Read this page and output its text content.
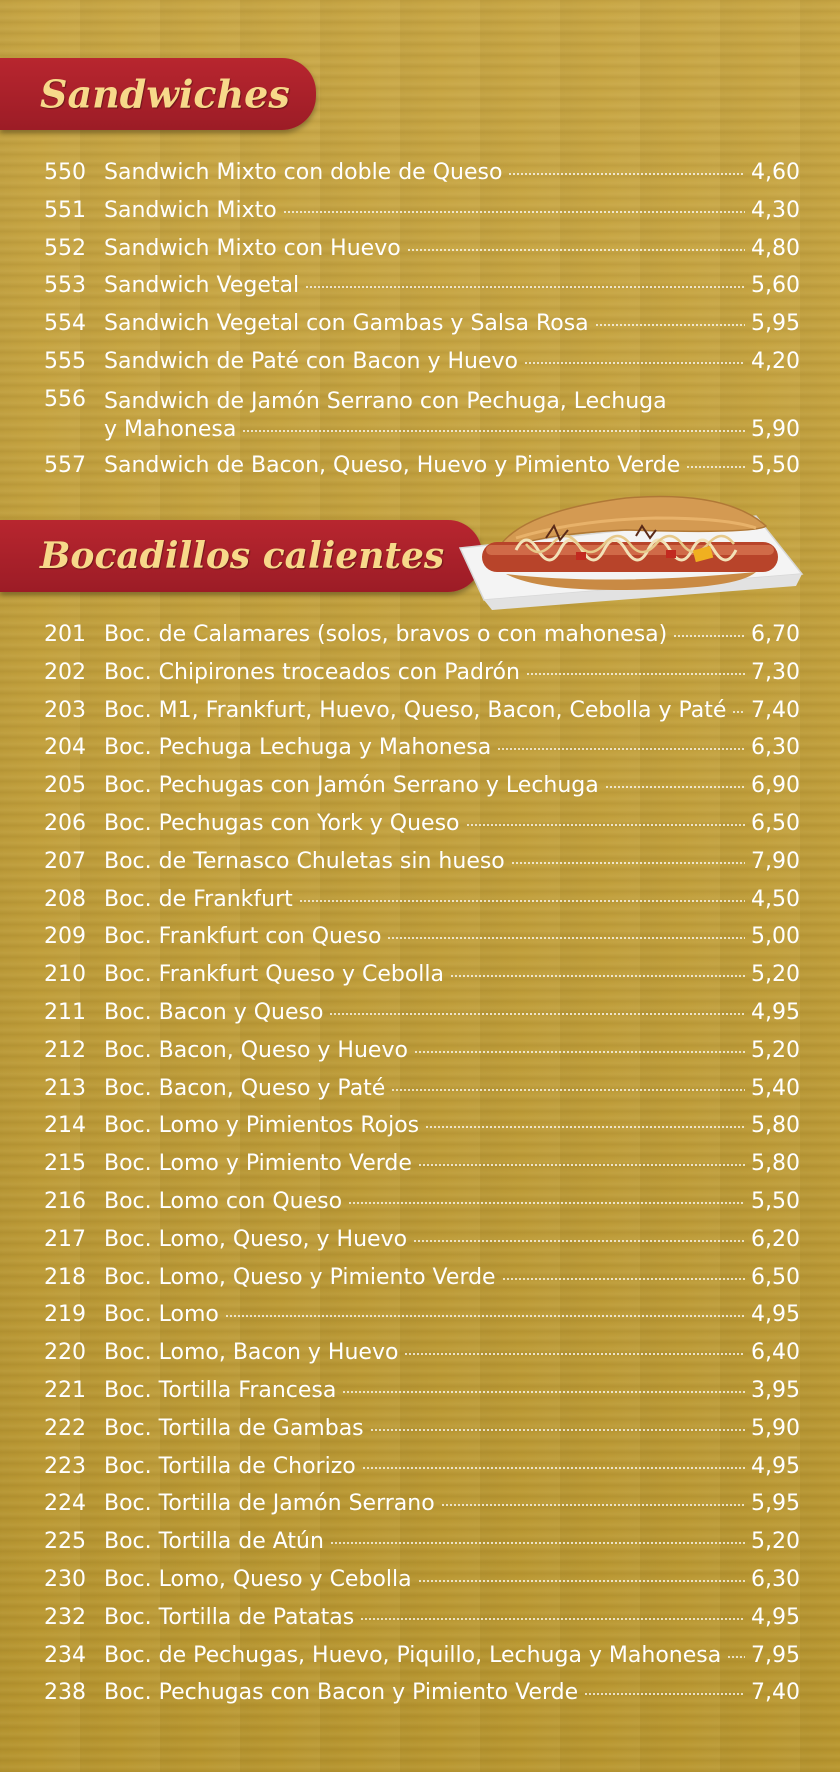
Sandwiches
550 Sandwich Mixto con doble de Queso	4,60
551 Sandwich Mixto	4,30
552 Sandwich Mixto con Huevo	4,80
553 Sandwich Vegetal	5,60
554 Sandwich Vegetal con Gambas y Salsa Rosa	5,95
555 Sandwich de Paté con Bacon y Huevo	4,20
556 Sandwich de Jamón Serrano con Pechuga, Lechuga
y Mahonesa	5,90
557 Sandwich de Bacon, Queso, Huevo y Pimiento Verde	5,50
Bocadillos calientes
201 Boc. de Calamares (solos, bravos o con mahonesa)	6,70
202 Boc. Chipirones troceados con Padrón	7,30
203 Boc. M1, Frankfurt, Huevo, Queso, Bacon, Cebolla y Paté 7,40
204 Boc. Pechuga Lechuga y Mahonesa	6,30
205 Boc. Pechugas con Jamón Serrano y Lechuga	6,90
206 Boc. Pechugas con York y Queso	6,50
207 Boc. de Ternasco Chuletas sin hueso	7,90
208 Boc. de Frankfurt	4,50
209 Boc. Frankfurt con Queso	5,00
210 Boc. Frankfurt Queso y Cebolla	5,20
211 Boc. Bacon y Queso	4,95
212 Boc. Bacon, Queso y Huevo	5,20
213 Boc. Bacon, Queso y Paté	5,40
214 Boc. Lomo y Pimientos Rojos	5,80
215 Boc. Lomo y Pimiento Verde	5,80
216 Boc. Lomo con Queso	5,50
217 Boc. Lomo, Queso, y Huevo	6,20
218 Boc. Lomo, Queso y Pimiento Verde	6,50
219 Boc. Lomo	4,95
220 Boc. Lomo, Bacon y Huevo	6,40
221 Boc. Tortilla Francesa	3,95
222 Boc. Tortilla de Gambas	5,90
223 Boc. Tortilla de Chorizo	4,95
224 Boc. Tortilla de Jamón Serrano	5,95
225 Boc. Tortilla de Atún	5,20
230 Boc. Lomo, Queso y Cebolla	6,30
232 Boc. Tortilla de Patatas	4,95
234 Boc. de Pechugas, Huevo, Piquillo, Lechuga y Mahonesa 7,95
238 Boc. Pechugas con Bacon y Pimiento Verde	7,40
